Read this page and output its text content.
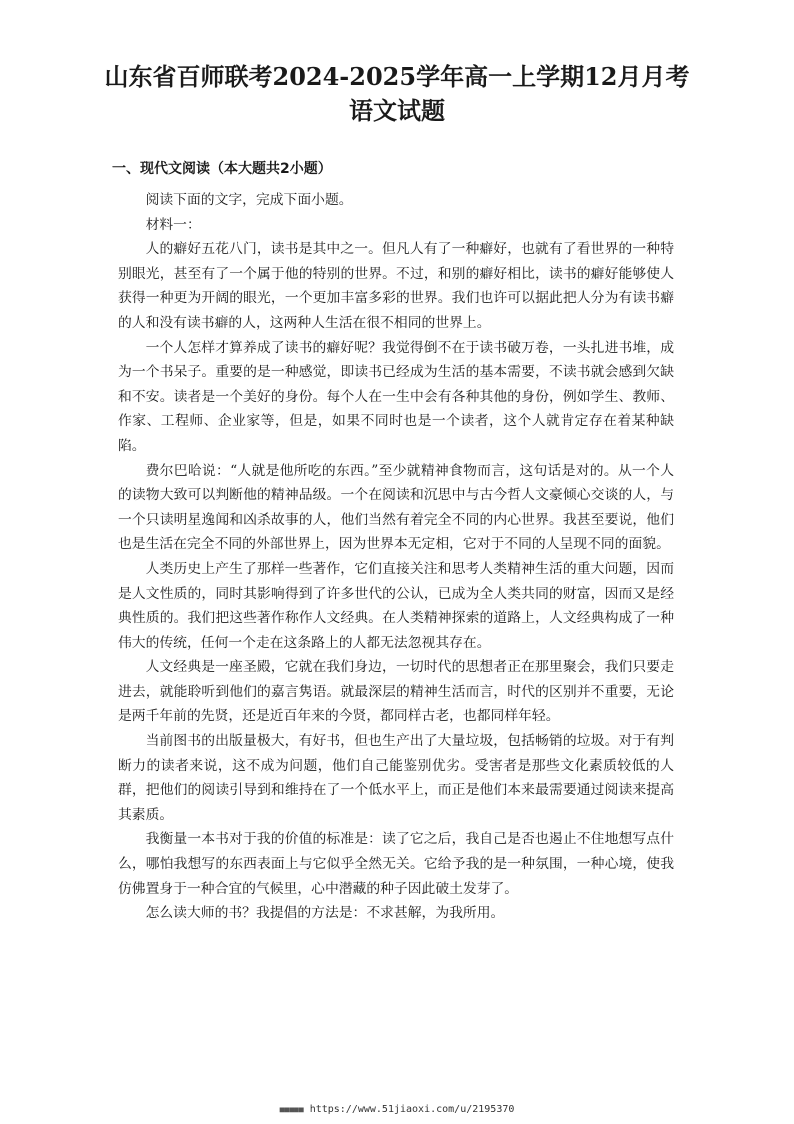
山东省百师联考2024-2025学年高一上学期12月月考语文试题
一、现代文阅读（本大题共2小题）

阅读下面的文字，完成下面小题。

材料一：

人的癖好五花八门，读书是其中之一。但凡人有了一种癖好，也就有了看世界的一种特别眼光，甚至有了一个属于他的特别的世界。不过，和别的癖好相比，读书的癖好能够使人获得一种更为开阔的眼光，一个更加丰富多彩的世界。我们也许可以据此把人分为有读书癖的人和没有读书癖的人，这两种人生活在很不相同的世界上。

一个人怎样才算养成了读书的癖好呢？我觉得倒不在于读书破万卷，一头扎进书堆，成为一个书呆子。重要的是一种感觉，即读书已经成为生活的基本需要，不读书就会感到欠缺和不安。读者是一个美好的身份。每个人在一生中会有各种其他的身份，例如学生、教师、作家、工程师、企业家等，但是，如果不同时也是一个读者，这个人就肯定存在着某种缺陷。

费尔巴哈说：“人就是他所吃的东西。”至少就精神食物而言，这句话是对的。从一个人的读物大致可以判断他的精神品级。一个在阅读和沉思中与古今哲人文豪倾心交谈的人，与一个只读明星逸闻和凶杀故事的人，他们当然有着完全不同的内心世界。我甚至要说，他们也是生活在完全不同的外部世界上，因为世界本无定相，它对于不同的人呈现不同的面貌。

人类历史上产生了那样一些著作，它们直接关注和思考人类精神生活的重大问题，因而是人文性质的，同时其影响得到了许多世代的公认，已成为全人类共同的财富，因而又是经典性质的。我们把这些著作称作人文经典。在人类精神探索的道路上，人文经典构成了一种伟大的传统，任何一个走在这条路上的人都无法忽视其存在。

人文经典是一座圣殿，它就在我们身边，一切时代的思想者正在那里聚会，我们只要走进去，就能聆听到他们的嘉言隽语。就最深层的精神生活而言，时代的区别并不重要，无论是两千年前的先贤，还是近百年来的今贤，都同样古老，也都同样年轻。

当前图书的出版量极大，有好书，但也生产出了大量垃圾，包括畅销的垃圾。对于有判断力的读者来说，这不成为问题，他们自己能鉴别优劣。受害者是那些文化素质较低的人群，把他们的阅读引导到和维持在了一个低水平上，而正是他们本来最需要通过阅读来提高其素质。

我衡量一本书对于我的价值的标准是：读了它之后，我自己是否也遏止不住地想写点什么，哪怕我想写的东西表面上与它似乎全然无关。它给予我的是一种氛围，一种心境，使我仿佛置身于一种合宜的气候里，心中潜藏的种子因此破土发芽了。

怎么读大师的书？我提倡的方法是：不求甚解，为我所用。

■■■■■ https://www.51jiaoxi.com/u/2195370
